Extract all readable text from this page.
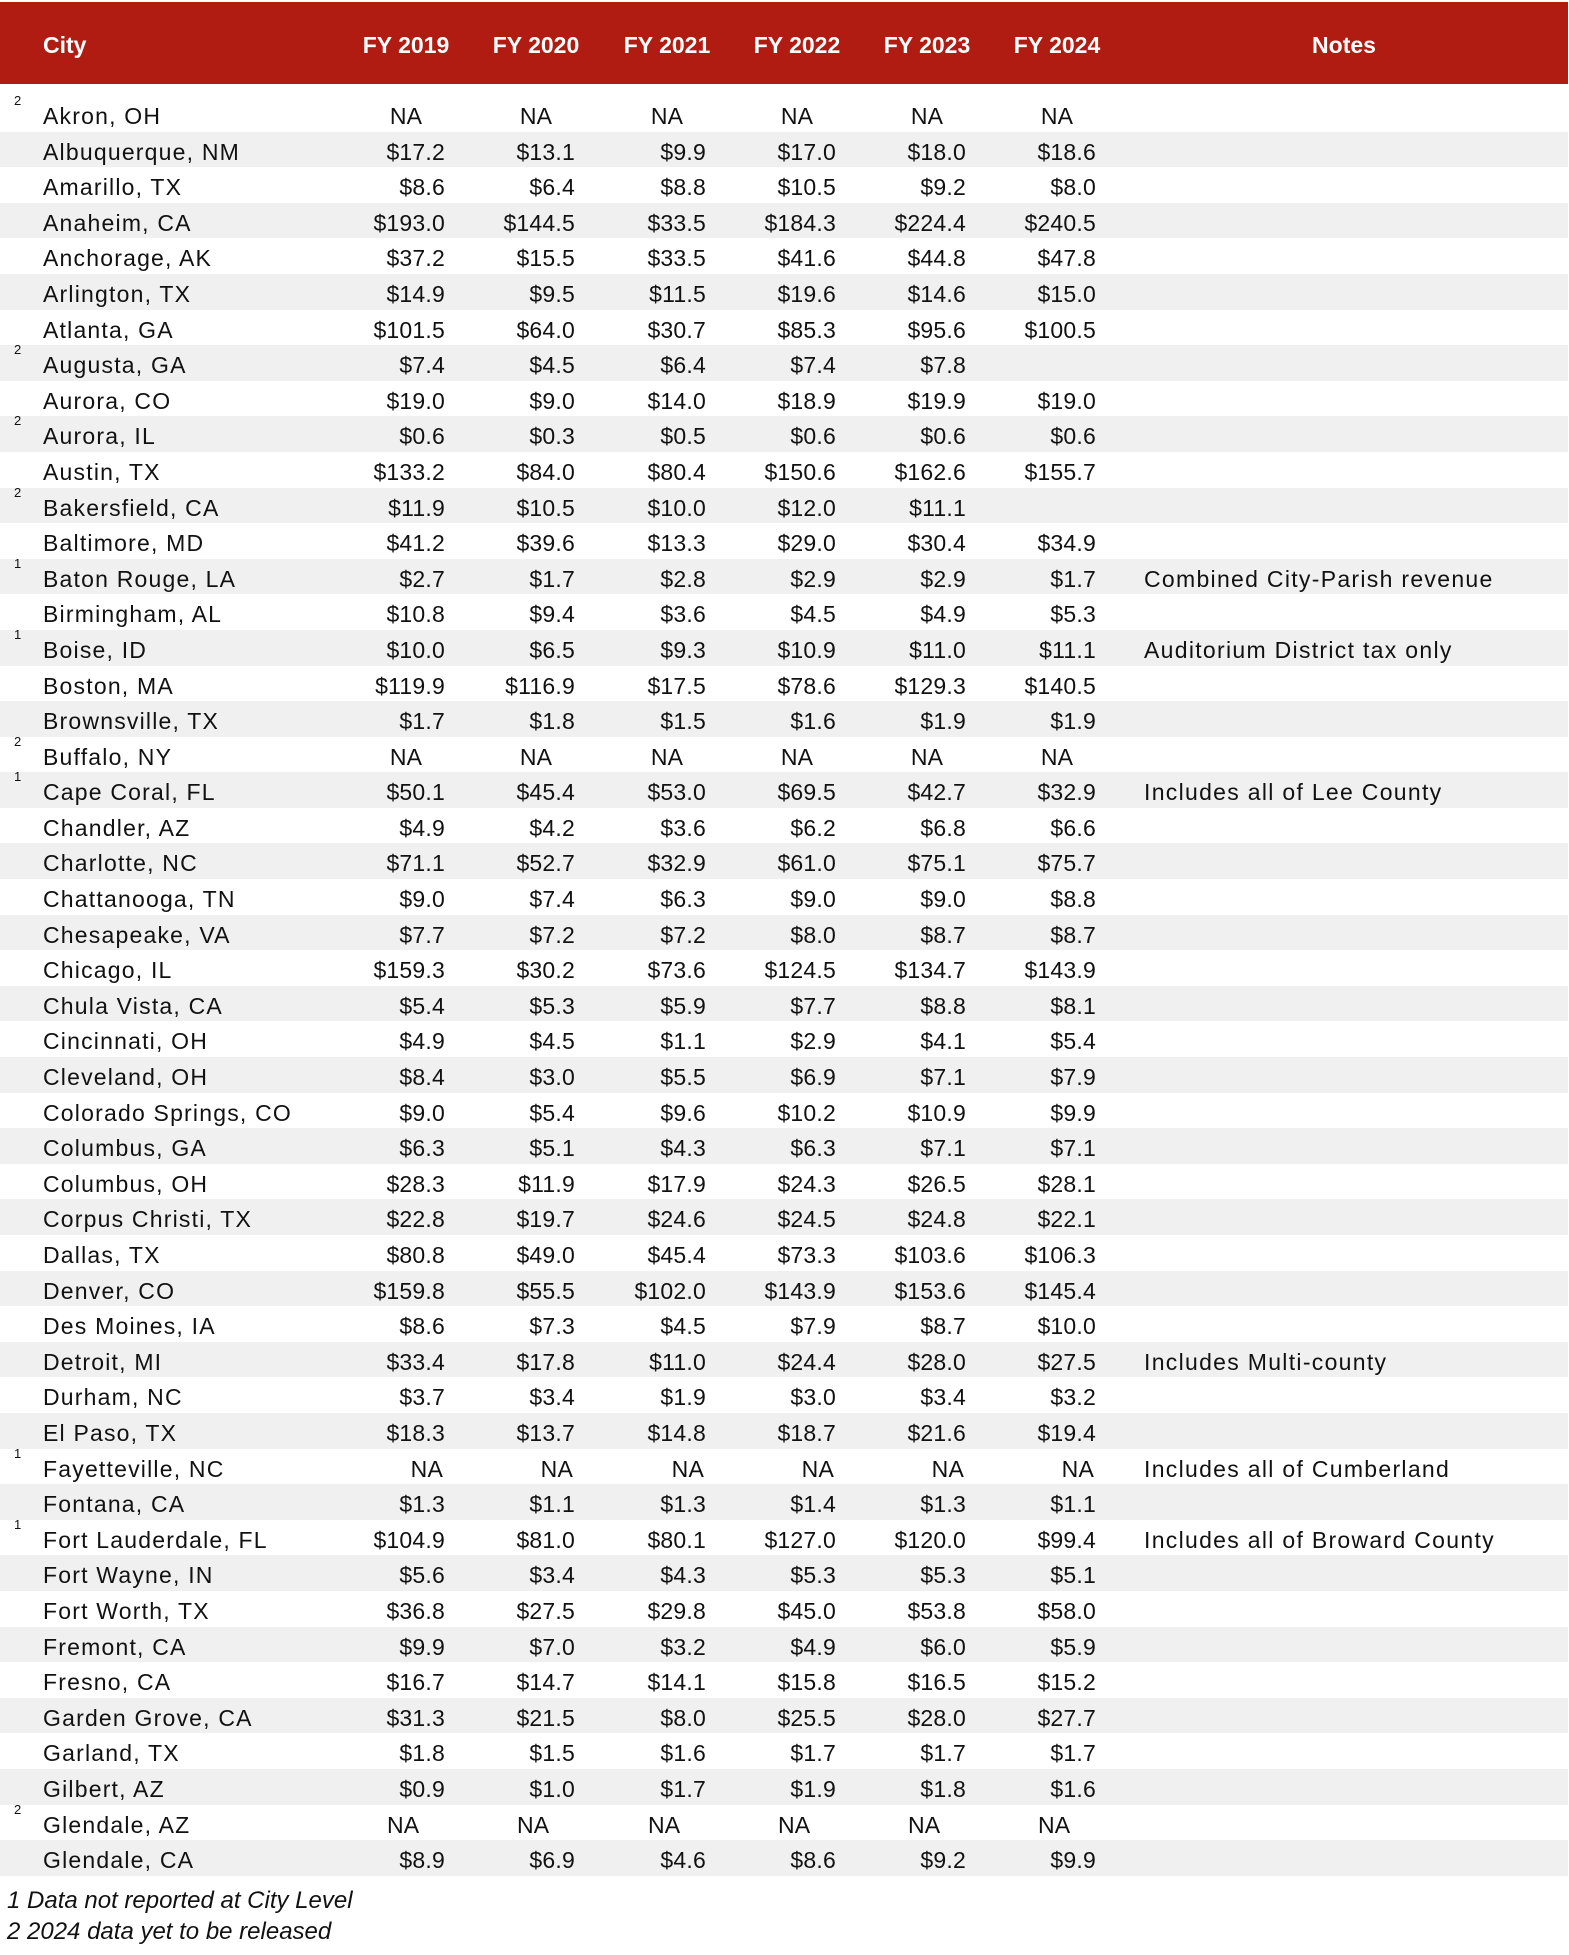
City	FY 2019	FY 2020	FY 2021	FY 2022	FY 2023	FY 2024	Notes
2
Akron, OH	NA	NA	NA	NA	NA	NA
Albuquerque, NM	$17.2	$13.1	$9.9	$17.0	$18.0	$18.6
Amarillo, TX	$8.6	$6.4	$8.8	$10.5	$9.2	$8.0
Anaheim, CA	$193.0	$144.5	$33.5	$184.3	$224.4	$240.5
Anchorage, AK	$37.2	$15.5	$33.5	$41.6	$44.8	$47.8
Arlington, TX	$14.9	$9.5	$11.5	$19.6	$14.6	$15.0
Atlanta, GA	$101.5	$64.0	$30.7	$85.3	$95.6	$100.5
2
Augusta, GA	$7.4	$4.5	$6.4	$7.4	$7.8
Aurora, CO	$19.0	$9.0	$14.0	$18.9	$19.9	$19.0
2
Aurora, IL	$0.6	$0.3	$0.5	$0.6	$0.6	$0.6
Austin, TX	$133.2	$84.0	$80.4	$150.6	$162.6	$155.7
2
Bakersfield, CA	$11.9	$10.5	$10.0	$12.0	$11.1
Baltimore, MD	$41.2	$39.6	$13.3	$29.0	$30.4	$34.9
1
Baton Rouge, LA	$2.7	$1.7	$2.8	$2.9	$2.9	$1.7	Combined City-Parish revenue
Birmingham, AL	$10.8	$9.4	$3.6	$4.5	$4.9	$5.3
1
Boise, ID	$10.0	$6.5	$9.3	$10.9	$11.0	$11.1	Auditorium District tax only
Boston, MA	$119.9	$116.9	$17.5	$78.6	$129.3	$140.5
Brownsville, TX	$1.7	$1.8	$1.5	$1.6	$1.9	$1.9
2
Buffalo, NY	NA	NA	NA	NA	NA	NA
1
Cape Coral, FL	$50.1	$45.4	$53.0	$69.5	$42.7	$32.9	Includes all of Lee County
Chandler, AZ	$4.9	$4.2	$3.6	$6.2	$6.8	$6.6
Charlotte, NC	$71.1	$52.7	$32.9	$61.0	$75.1	$75.7
Chattanooga, TN	$9.0	$7.4	$6.3	$9.0	$9.0	$8.8
Chesapeake, VA	$7.7	$7.2	$7.2	$8.0	$8.7	$8.7
Chicago, IL	$159.3	$30.2	$73.6	$124.5	$134.7	$143.9
Chula Vista, CA	$5.4	$5.3	$5.9	$7.7	$8.8	$8.1
Cincinnati, OH	$4.9	$4.5	$1.1	$2.9	$4.1	$5.4
Cleveland, OH	$8.4	$3.0	$5.5	$6.9	$7.1	$7.9
Colorado Springs, CO	$9.0	$5.4	$9.6	$10.2	$10.9	$9.9
Columbus, GA	$6.3	$5.1	$4.3	$6.3	$7.1	$7.1
Columbus, OH	$28.3	$11.9	$17.9	$24.3	$26.5	$28.1
Corpus Christi, TX	$22.8	$19.7	$24.6	$24.5	$24.8	$22.1
Dallas, TX	$80.8	$49.0	$45.4	$73.3	$103.6	$106.3
Denver, CO	$159.8	$55.5	$102.0	$143.9	$153.6	$145.4
Des Moines, IA	$8.6	$7.3	$4.5	$7.9	$8.7	$10.0
Detroit, MI	$33.4	$17.8	$11.0	$24.4	$28.0	$27.5	Includes Multi-county
Durham, NC	$3.7	$3.4	$1.9	$3.0	$3.4	$3.2
El Paso, TX	$18.3	$13.7	$14.8	$18.7	$21.6	$19.4
1
Fayetteville, NC	NA	NA	NA	NA	NA	NA	Includes all of Cumberland
Fontana, CA	$1.3	$1.1	$1.3	$1.4	$1.3	$1.1
1
Fort Lauderdale, FL	$104.9	$81.0	$80.1	$127.0	$120.0	$99.4	Includes all of Broward County
Fort Wayne, IN	$5.6	$3.4	$4.3	$5.3	$5.3	$5.1
Fort Worth, TX	$36.8	$27.5	$29.8	$45.0	$53.8	$58.0
Fremont, CA	$9.9	$7.0	$3.2	$4.9	$6.0	$5.9
Fresno, CA	$16.7	$14.7	$14.1	$15.8	$16.5	$15.2
Garden Grove, CA	$31.3	$21.5	$8.0	$25.5	$28.0	$27.7
Garland, TX	$1.8	$1.5	$1.6	$1.7	$1.7	$1.7
Gilbert, AZ	$0.9	$1.0	$1.7	$1.9	$1.8	$1.6
2
Glendale, AZ	NA	NA	NA	NA	NA	NA
Glendale, CA	$8.9	$6.9	$4.6	$8.6	$9.2	$9.9
1 Data not reported at City Level
2 2024 data yet to be released
